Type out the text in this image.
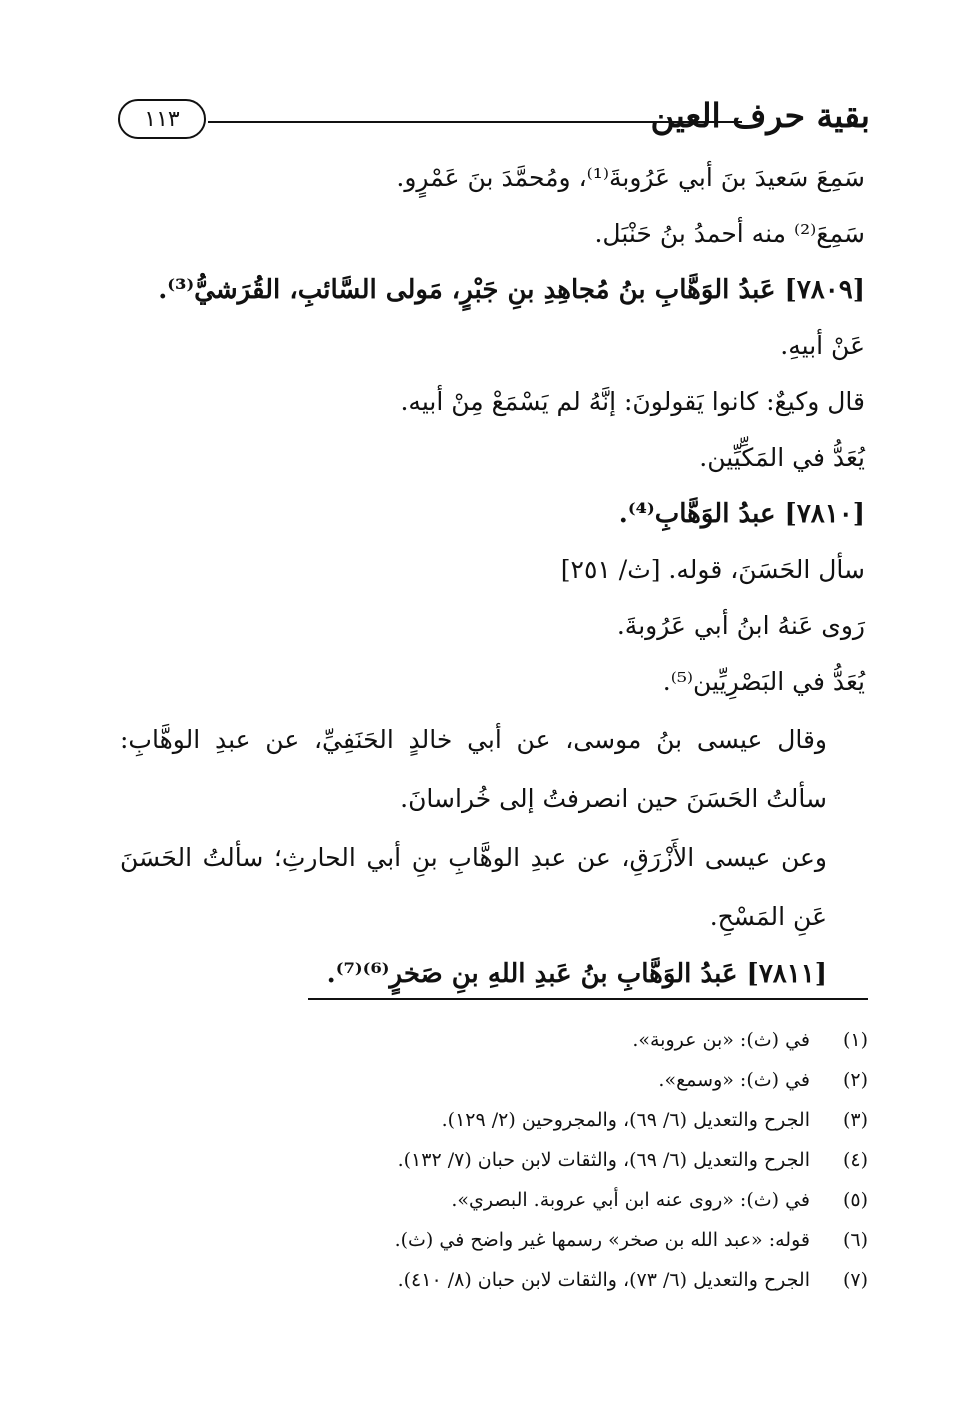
بقية حرف العين
١١٣
سَمِعَ سَعيدَ بنَ أبي عَرُوبةَ⁽¹⁾، ومُحمَّدَ بنَ عَمْرٍو.
سَمِعَ⁽²⁾ منه أحمدُ بنُ حَنْبَل.
[٧٨٠٩] عَبدُ الوَهَّابِ بنُ مُجاهِدِ بنِ جَبْرٍ، مَولى السَّائبِ، القُرَشيُّ⁽³⁾.
عَنْ أبيهِ.
قال وكيعٌ: كانوا يَقولونَ: إنَّهُ لم يَسْمَعْ مِنْ أبيه.
يُعَدُّ في المَكِّيِّين.
[٧٨١٠] عبدُ الوَهَّابِ⁽⁴⁾.
سأل الحَسَنَ، قوله. [ث/ ٢٥١]
رَوى عَنهُ ابنُ أبي عَرُوبةَ.
يُعَدُّ في البَصْرِيِّين⁽⁵⁾.
وقال عيسى بنُ موسى، عن أبي خالدٍ الحَنَفِيِّ، عن عبدِ الوهَّابِ: سألتُ الحَسَنَ حين انصرفتُ إلى خُراسانَ.
وعن عيسى الأَزْرَقِ، عن عبدِ الوهَّابِ بنِ أبي الحارثِ؛ سألتُ الحَسَنَ عَنِ المَسْحِ.
[٧٨١١] عَبدُ الوَهَّابِ بنُ عَبدِ اللهِ بنِ صَخرٍ⁽⁶⁾⁽⁷⁾.
(١)
في (ث): «بن عروبة».
(٢)
في (ث): «وسمع».
(٣)
الجرح والتعديل (٦/ ٦٩)، والمجروحين (٢/ ١٢٩).
(٤)
الجرح والتعديل (٦/ ٦٩)، والثقات لابن حبان (٧/ ١٣٢).
(٥)
في (ث): «روى عنه ابن أبي عروبة. البصري».
(٦)
قوله: «عبد الله بن صخر» رسمها غير واضح في (ث).
(٧)
الجرح والتعديل (٦/ ٧٣)، والثقات لابن حبان (٨/ ٤١٠).
